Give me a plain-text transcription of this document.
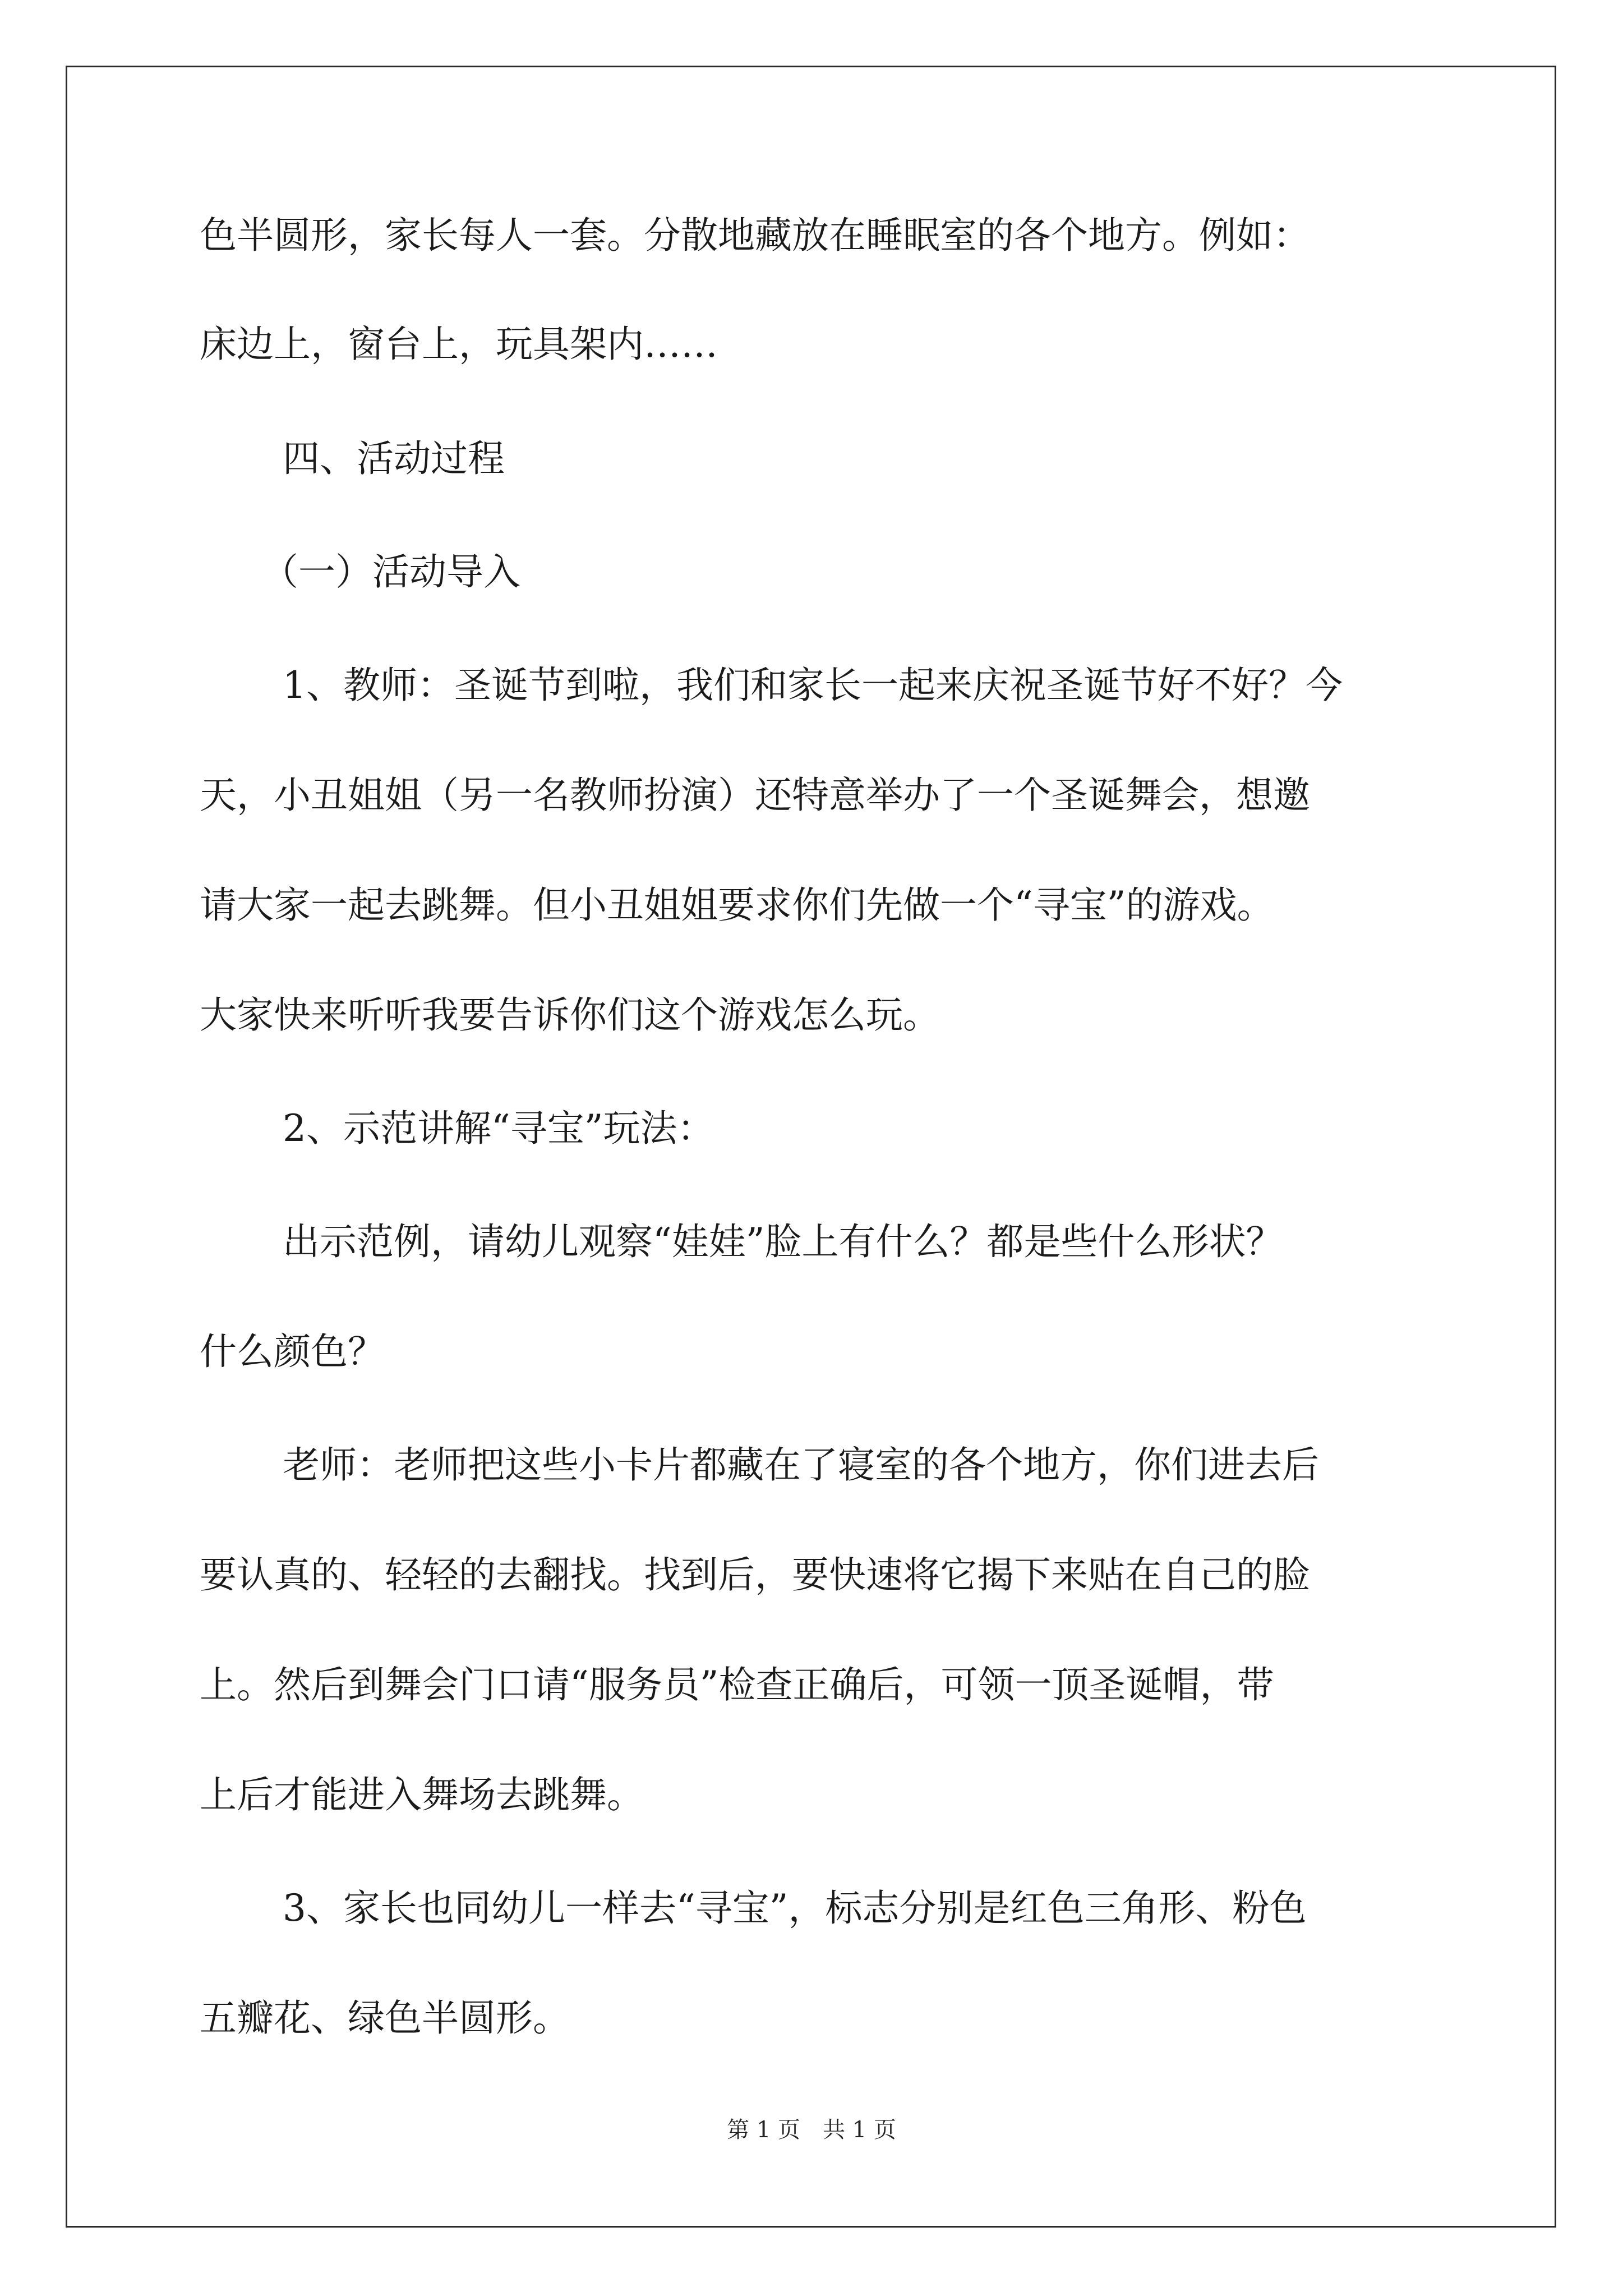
色半圆形，家长每人一套。分散地藏放在睡眠室的各个地方。例如：
床边上，窗台上，玩具架内……
四、活动过程
（一）活动导入
1、教师：圣诞节到啦，我们和家长一起来庆祝圣诞节好不好？今
天，小丑姐姐（另一名教师扮演）还特意举办了一个圣诞舞会，想邀
请大家一起去跳舞。但小丑姐姐要求你们先做一个“寻宝”的游戏。
大家快来听听我要告诉你们这个游戏怎么玩。
2、示范讲解“寻宝”玩法：
出示范例，请幼儿观察“娃娃”脸上有什么？都是些什么形状？
什么颜色？
老师：老师把这些小卡片都藏在了寝室的各个地方，你们进去后
要认真的、轻轻的去翻找。找到后，要快速将它揭下来贴在自己的脸
上。然后到舞会门口请“服务员”检查正确后，可领一顶圣诞帽，带
上后才能进入舞场去跳舞。
3、家长也同幼儿一样去“寻宝”，标志分别是红色三角形、粉色
五瓣花、绿色半圆形。
第 1 页　共 1 页
